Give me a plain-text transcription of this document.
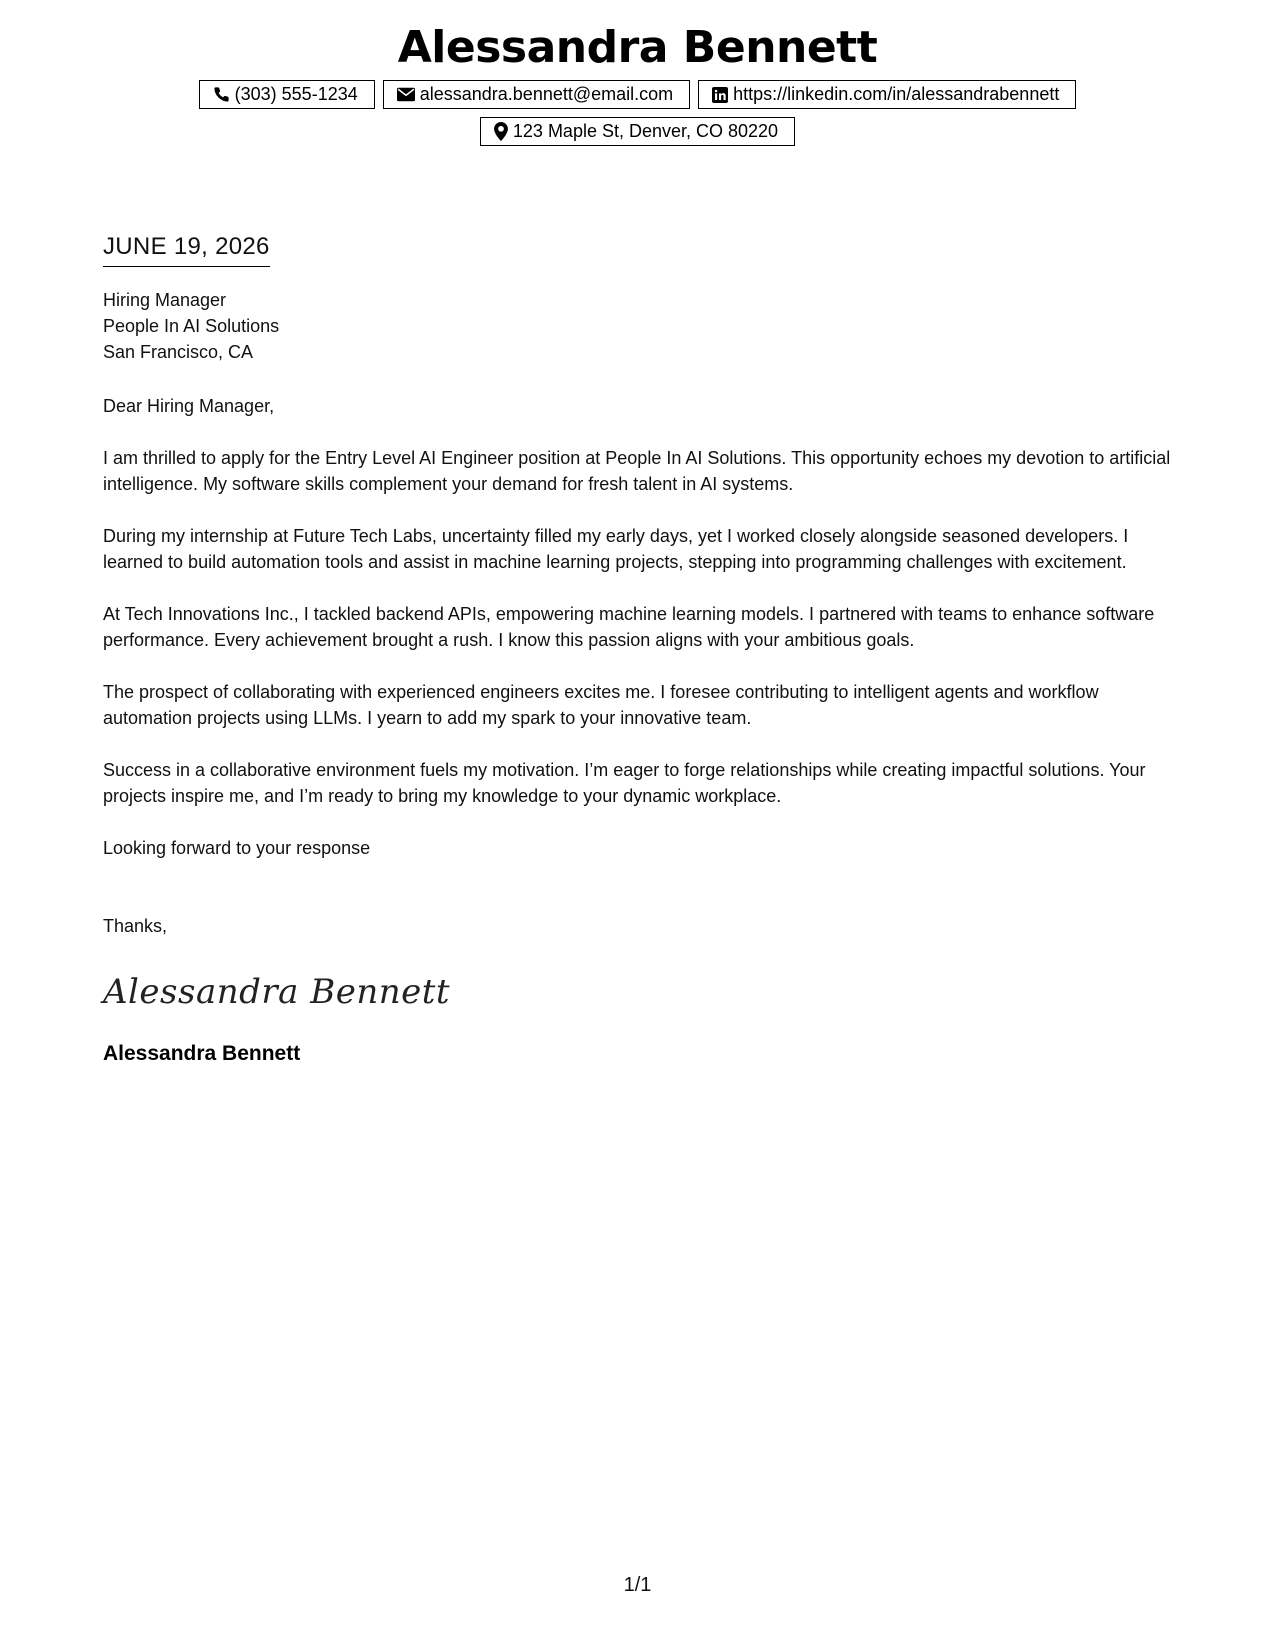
Alessandra Bennett
(303) 555-1234	alessandra.bennett@email.com	https://linkedin.com/in/alessandrabennett
123 Maple St, Denver, CO 80220
JUNE 19, 2026
Hiring Manager
People In AI Solutions
San Francisco, CA
Dear Hiring Manager,

I am thrilled to apply for the Entry Level AI Engineer position at People In AI Solutions. This opportunity echoes my devotion to artificial intelligence. My software skills complement your demand for fresh talent in AI systems.

During my internship at Future Tech Labs, uncertainty filled my early days, yet I worked closely alongside seasoned developers. I learned to build automation tools and assist in machine learning projects, stepping into programming challenges with excitement.

At Tech Innovations Inc., I tackled backend APIs, empowering machine learning models. I partnered with teams to enhance software performance. Every achievement brought a rush. I know this passion aligns with your ambitious goals.

The prospect of collaborating with experienced engineers excites me. I foresee contributing to intelligent agents and workflow automation projects using LLMs. I yearn to add my spark to your innovative team.

Success in a collaborative environment fuels my motivation. I’m eager to forge relationships while creating impactful solutions. Your projects inspire me, and I’m ready to bring my knowledge to your dynamic workplace.

Looking forward to your response
Thanks,
Alessandra Bennett
Alessandra Bennett
1/1
